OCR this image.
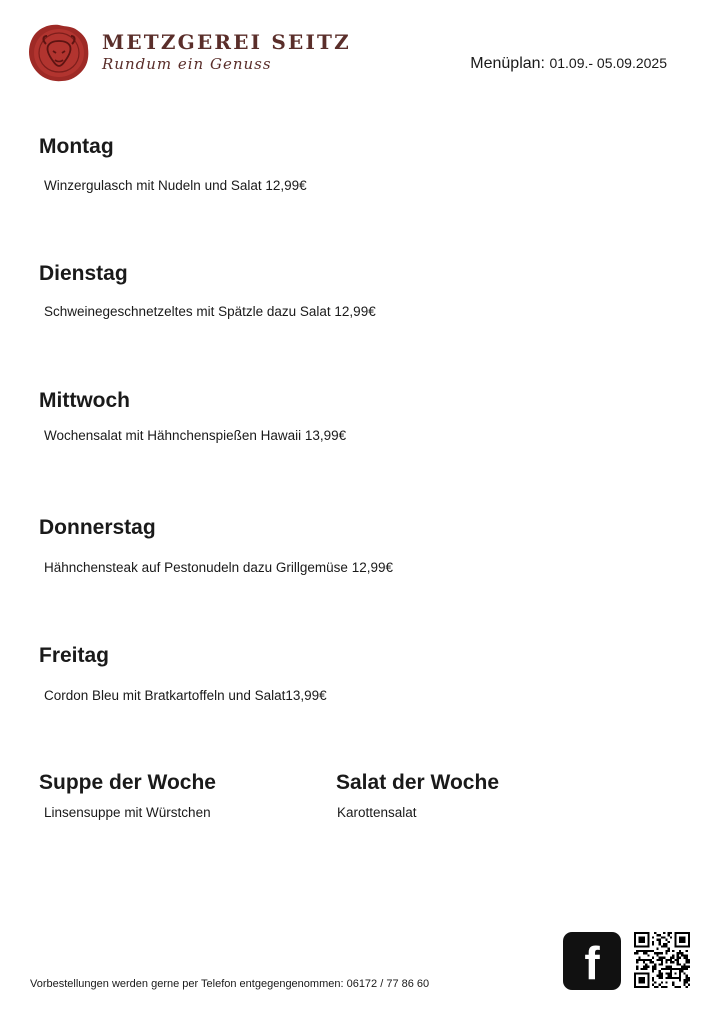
METZGEREI SEITZ
Rundum ein Genuss	Menüplan: 01.09.- 05.09.2025
Montag
Winzergulasch mit Nudeln und Salat 12,99€
Dienstag
Schweinegeschnetzeltes mit Spätzle dazu Salat 12,99€
Mittwoch
Wochensalat mit Hähnchenspießen Hawaii 13,99€
Donnerstag
Hähnchensteak auf Pestonudeln dazu Grillgemüse 12,99€
Freitag
Cordon Bleu mit Bratkartoffeln und Salat13,99€
Suppe der Woche
Linsensuppe mit Würstchen
Salat der Woche
Karottensalat
Vorbestellungen werden gerne per Telefon entgegengenommen: 06172 / 77 86 60	f
